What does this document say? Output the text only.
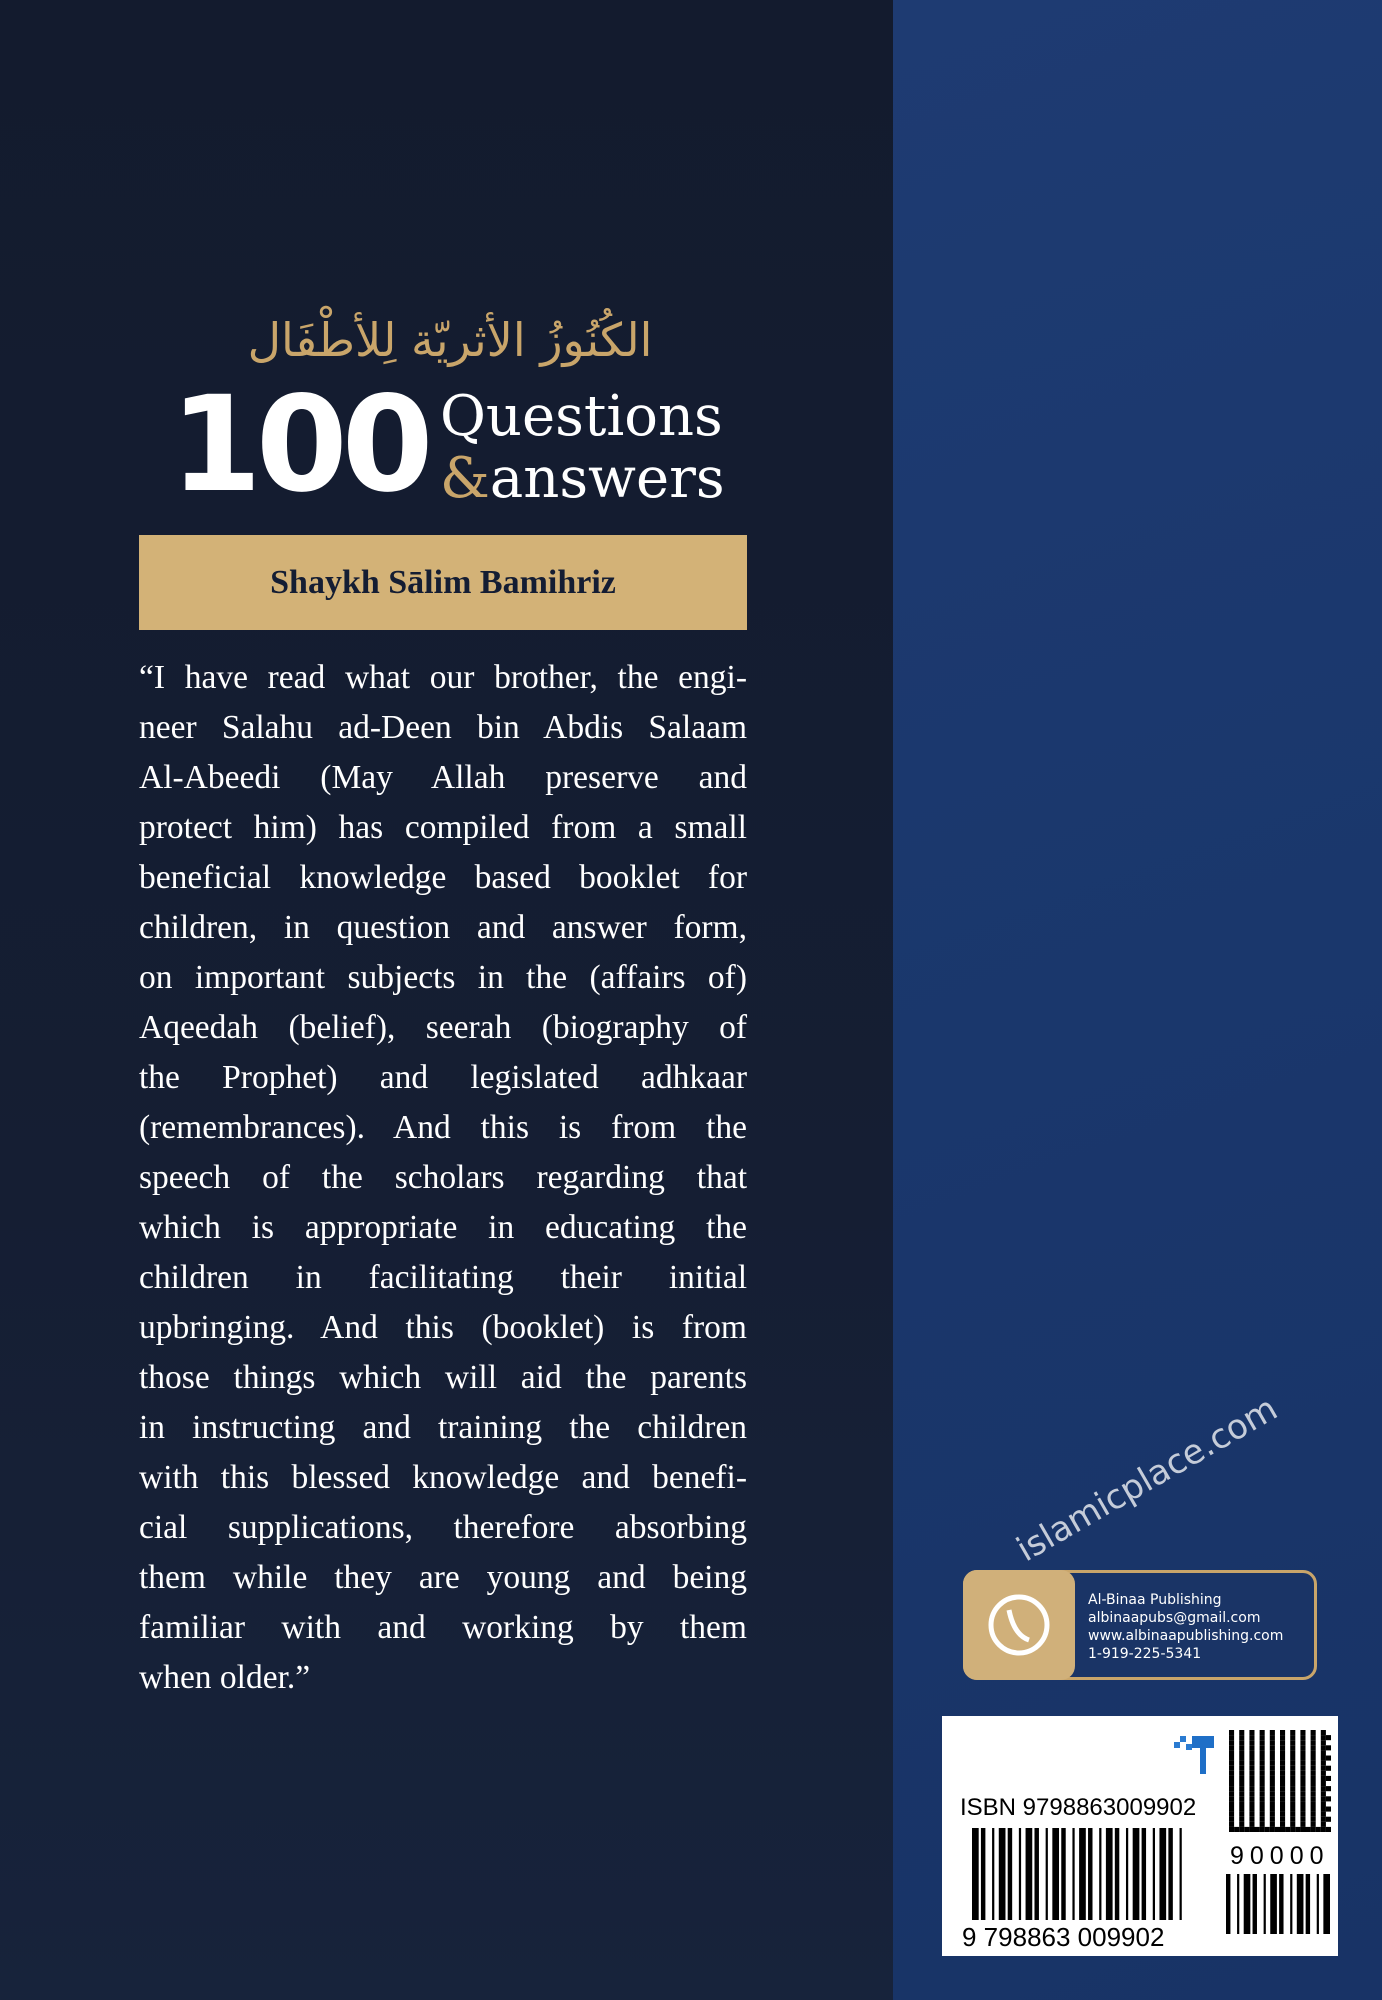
الكُنُوزُ الأثريّة لِلأطْفَال
100 Questions
&answers
Shaykh Sālim Bamihriz
“I have read what our brother, the engi-
neer Salahu ad-Deen bin Abdis Salaam
Al-Abeedi (May Allah preserve and
protect him) has compiled from a small
beneficial knowledge based booklet for
children, in question and answer form,
on important subjects in the (affairs of)
Aqeedah (belief), seerah (biography of
the Prophet) and legislated adhkaar
(remembrances). And this is from the
speech of the scholars regarding that
which is appropriate in educating the
children in facilitating their initial
upbringing. And this (booklet) is from
those things which will aid the parents
in instructing and training the children
with this blessed knowledge and benefi-
cial supplications, therefore absorbing
them while they are young and being
familiar with and working by them
when older.”
Al-Binaa Publishing
albinaapubs@gmail.com
www.albinaapublishing.com
1-919-225-5341
islamicplace.com
ISBN 9798863009902
9 798863 009902
90000
